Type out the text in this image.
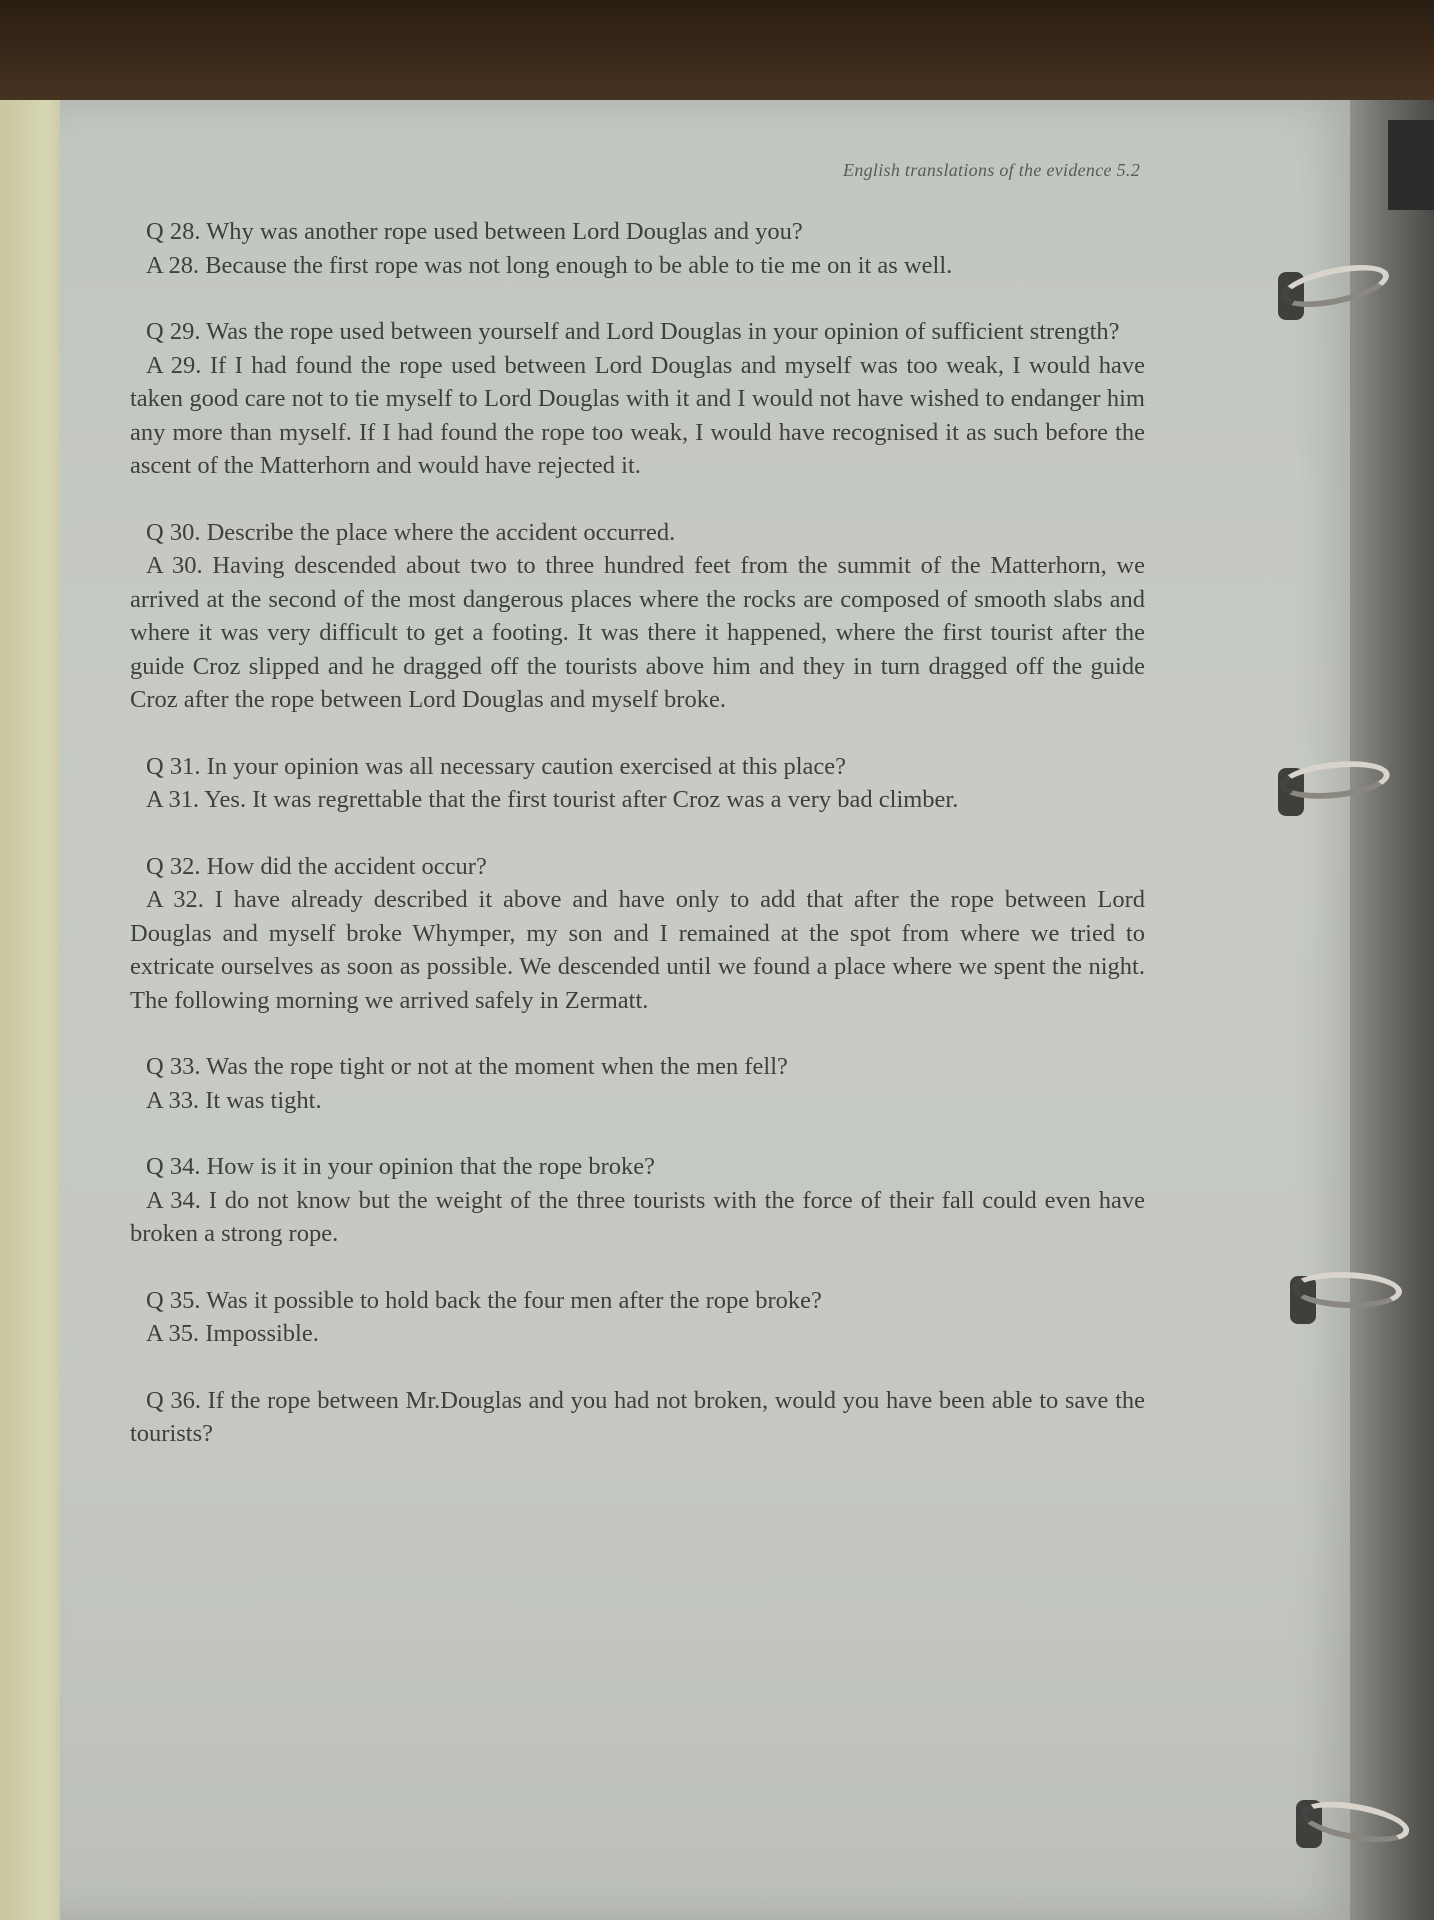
English translations of the evidence 5.2

Q 28. Why was another rope used between Lord Douglas and you?

A 28. Because the first rope was not long enough to be able to tie me on it as well.

Q 29. Was the rope used between yourself and Lord Douglas in your opinion of sufficient strength?

A 29. If I had found the rope used between Lord Douglas and myself was too weak, I would have taken good care not to tie myself to Lord Douglas with it and I would not have wished to endanger him any more than myself. If I had found the rope too weak, I would have recognised it as such before the ascent of the Matterhorn and would have rejected it.

Q 30. Describe the place where the accident occurred.

A 30. Having descended about two to three hundred feet from the summit of the Matterhorn, we arrived at the second of the most dangerous places where the rocks are composed of smooth slabs and where it was very difficult to get a footing. It was there it happened, where the first tourist after the guide Croz slipped and he dragged off the tourists above him and they in turn dragged off the guide Croz after the rope between Lord Douglas and myself broke.

Q 31. In your opinion was all necessary caution exercised at this place?

A 31. Yes. It was regrettable that the first tourist after Croz was a very bad climber.

Q 32. How did the accident occur?

A 32. I have already described it above and have only to add that after the rope between Lord Douglas and myself broke Whymper, my son and I remained at the spot from where we tried to extricate ourselves as soon as possible. We descended until we found a place where we spent the night. The following morning we arrived safely in Zermatt.

Q 33. Was the rope tight or not at the moment when the men fell?

A 33. It was tight.

Q 34. How is it in your opinion that the rope broke?

A 34. I do not know but the weight of the three tourists with the force of their fall could even have broken a strong rope.

Q 35. Was it possible to hold back the four men after the rope broke?

A 35. Impossible.

Q 36. If the rope between Mr.Douglas and you had not broken, would you have been able to save the tourists?
